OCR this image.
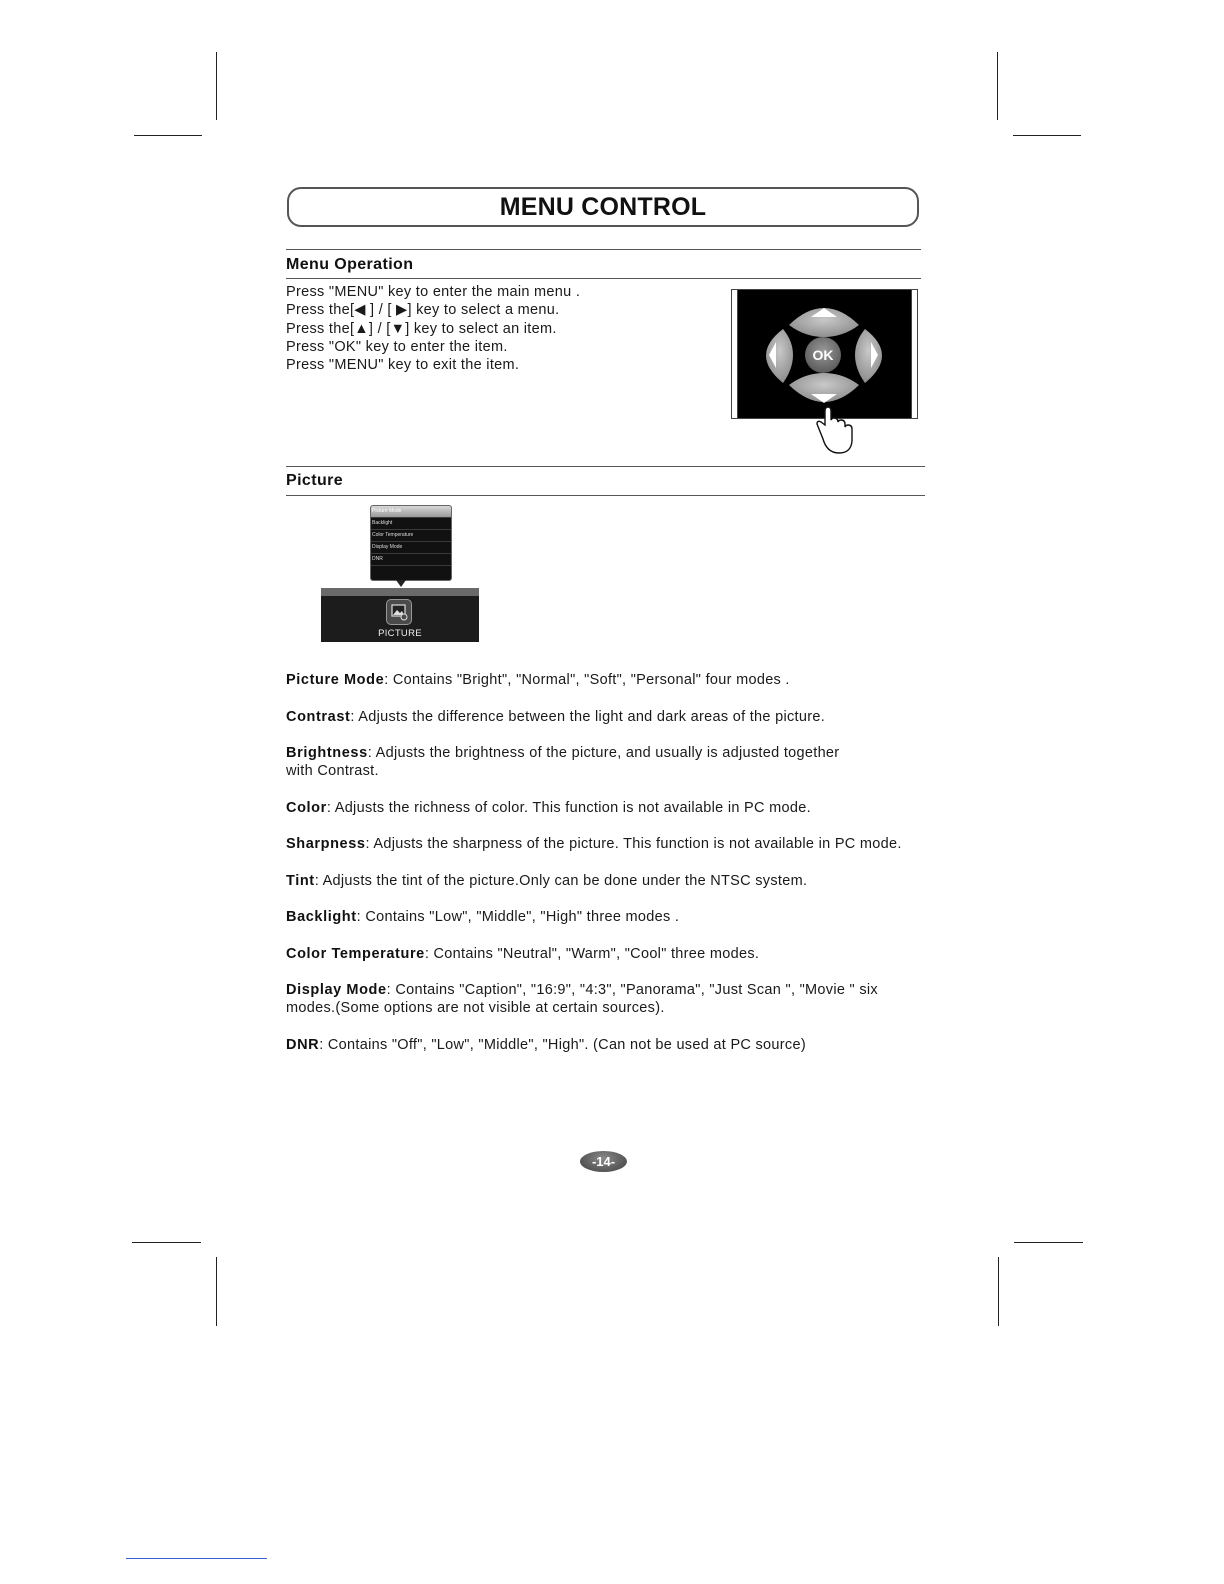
MENU CONTROL
Menu Operation
Press "MENU" key to enter the main menu .
Press the[◀ ] / [ ▶] key to select a menu.
Press the[▲] / [▼] key to select an item.
Press "OK" key to enter the item.
Press "MENU" key to exit the item.
OK
Picture
Picture Mode
Backlight
Color Temperature
Display Mode
DNR
PICTURE
Picture Mode: Contains "Bright", "Normal", "Soft", "Personal" four modes .
Contrast: Adjusts the difference between the light and dark areas of the picture.
Brightness: Adjusts the brightness of the picture, and usually is adjusted together
with Contrast.
Color: Adjusts the richness of color. This function is not available in PC mode.
Sharpness: Adjusts the sharpness of the picture. This function is not available in PC mode.
Tint: Adjusts the tint of the picture.Only can be done under the NTSC system.
Backlight: Contains "Low", "Middle", "High" three modes .
Color Temperature: Contains "Neutral", "Warm", "Cool" three modes.
Display Mode: Contains "Caption", "16:9", "4:3", "Panorama", "Just Scan ", "Movie " six
modes.(Some options are not visible at certain sources).
DNR: Contains "Off", "Low", "Middle", "High". (Can not be used at PC source)
-14-
